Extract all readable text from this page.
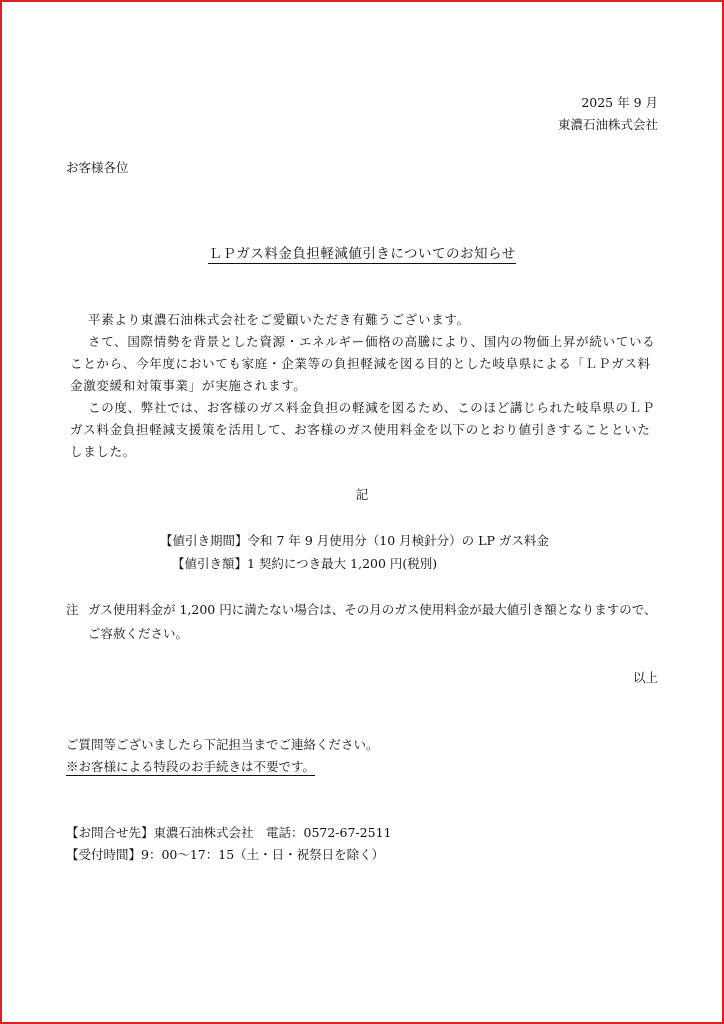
2025 年 9 月
東濃石油株式会社
お客様各位
ＬＰガス料金負担軽減値引きについてのお知らせ
平素より東濃石油株式会社をご愛顧いただき有難うございます。
さて、国際情勢を背景とした資源・エネルギー価格の高騰により、国内の物価上昇が続いていることから、今年度においても家庭・企業等の負担軽減を図る目的とした岐阜県による「ＬＰガス料金激変緩和対策事業」が実施されます。
この度、弊社では、お客様のガス料金負担の軽減を図るため、このほど講じられた岐阜県のＬＰガス料金負担軽減支援策を活用して、お客様のガス使用料金を以下のとおり値引きすることといたしました。
記
【値引き期間】令和 7 年 9 月使用分（10 月検針分）の LP ガス料金
【値引き額】1 契約につき最大 1,200 円(税別)
注 ガス使用料金が 1,200 円に満たない場合は、その月のガス使用料金が最大値引き額となりますので、ご容赦ください。
以上
ご質問等ございましたら下記担当までご連絡ください。
※お客様による特段のお手続きは不要です。
【お問合せ先】東濃石油株式会社　電話：0572-67-2511
【受付時間】9：00～17：15（土・日・祝祭日を除く）
